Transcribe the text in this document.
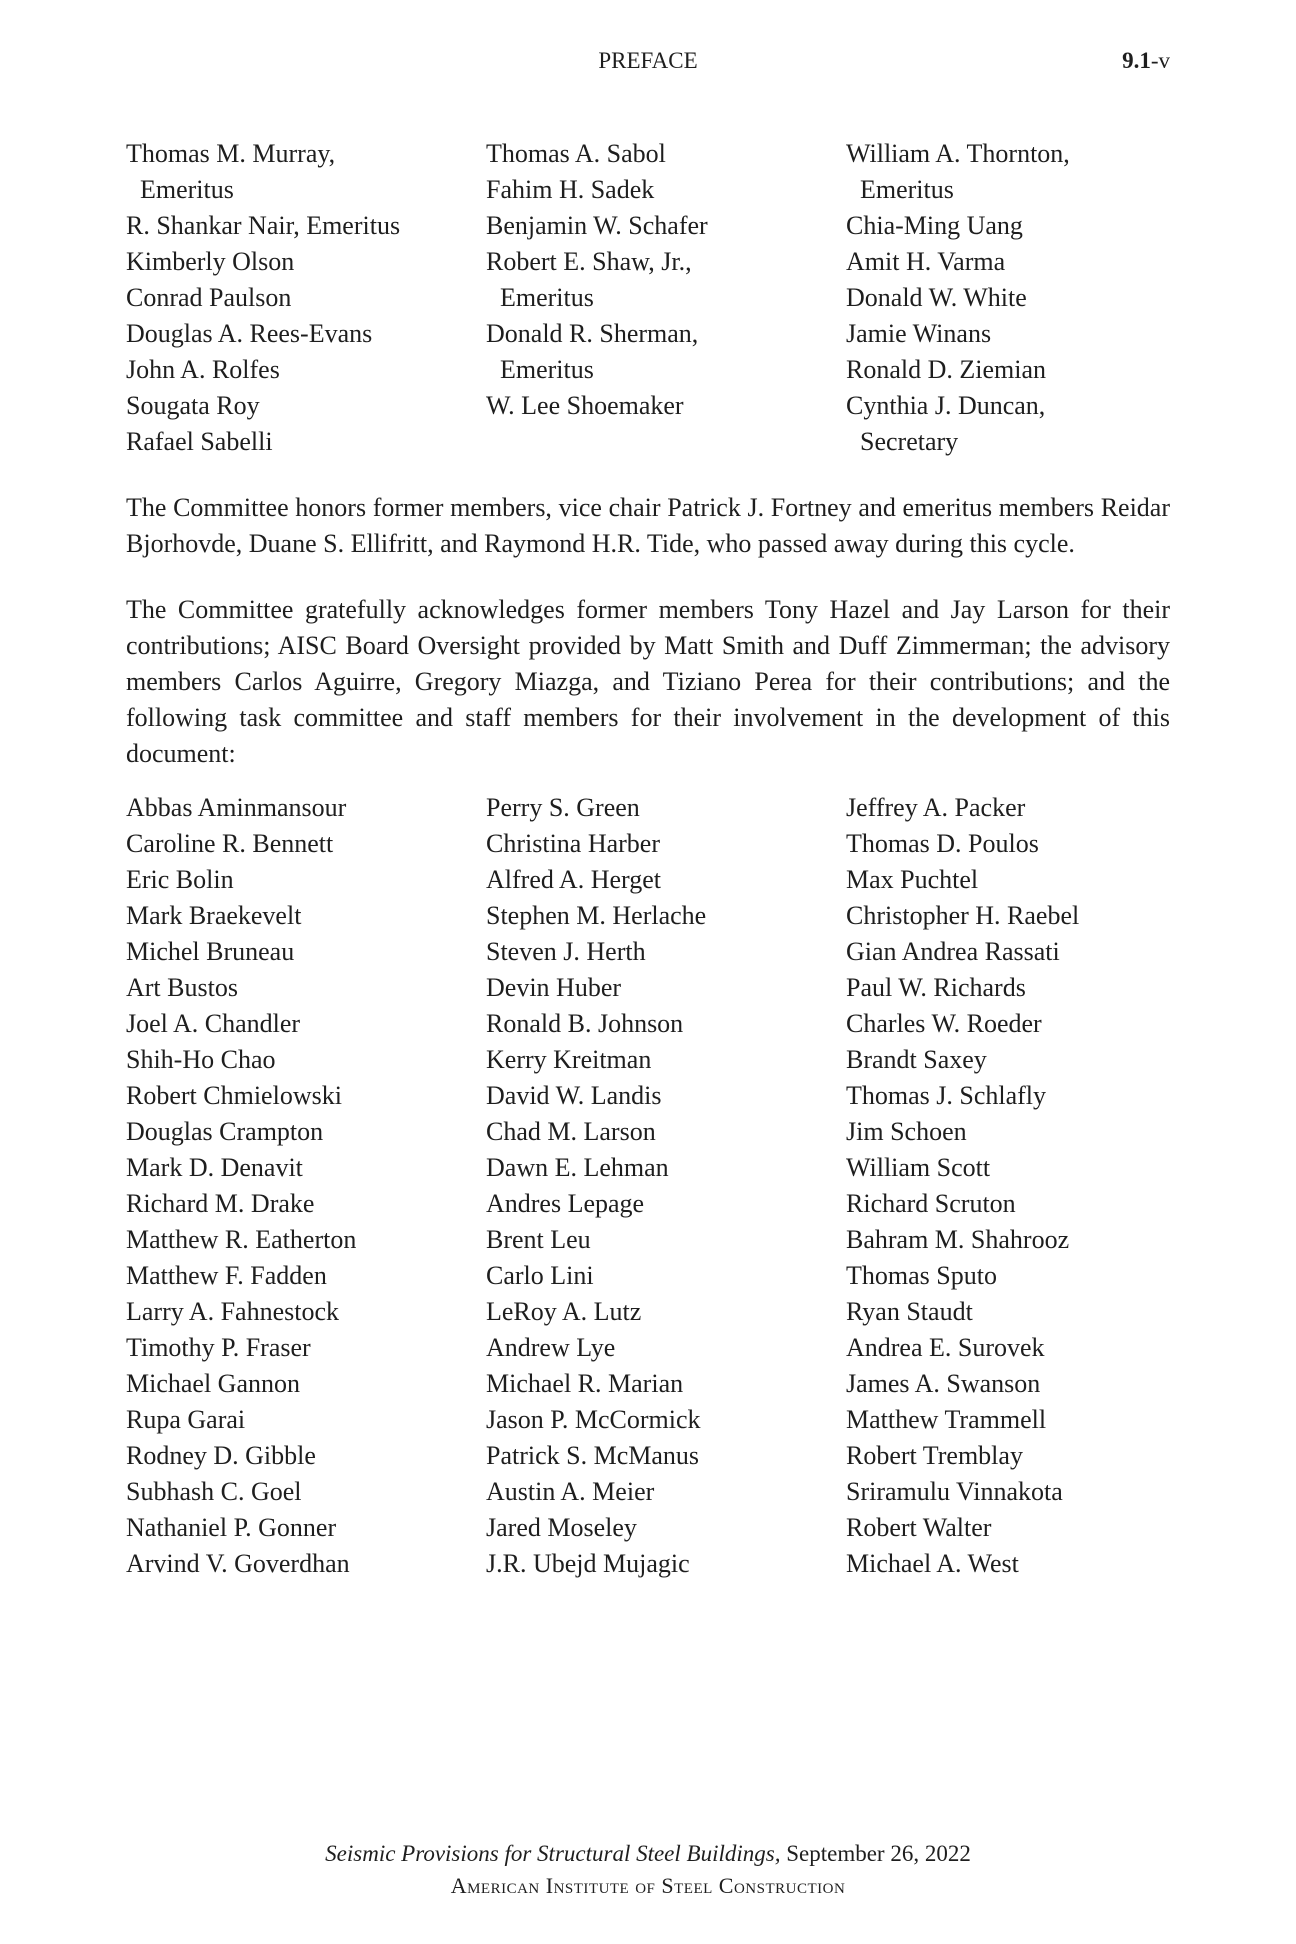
PREFACE	9.1-v
Thomas M. Murray,
Emeritus
R. Shankar Nair, Emeritus
Kimberly Olson
Conrad Paulson
Douglas A. Rees-Evans
John A. Rolfes
Sougata Roy
Rafael Sabelli
Thomas A. Sabol
Fahim H. Sadek
Benjamin W. Schafer
Robert E. Shaw, Jr.,
Emeritus
Donald R. Sherman,
Emeritus
W. Lee Shoemaker
William A. Thornton,
Emeritus
Chia-Ming Uang
Amit H. Varma
Donald W. White
Jamie Winans
Ronald D. Ziemian
Cynthia J. Duncan,
Secretary

The Committee honors former members, vice chair Patrick J. Fortney and emeritus members Reidar Bjorhovde, Duane S. Ellifritt, and Raymond H.R. Tide, who passed away during this cycle.

The Committee gratefully acknowledges former members Tony Hazel and Jay Larson for their contributions; AISC Board Oversight provided by Matt Smith and Duff Zimmerman; the advisory members Carlos Aguirre, Gregory Miazga, and Tiziano Perea for their contributions; and the following task committee and staff members for their involvement in the development of this document:

Abbas Aminmansour
Caroline R. Bennett
Eric Bolin
Mark Braekevelt
Michel Bruneau
Art Bustos
Joel A. Chandler
Shih-Ho Chao
Robert Chmielowski
Douglas Crampton
Mark D. Denavit
Richard M. Drake
Matthew R. Eatherton
Matthew F. Fadden
Larry A. Fahnestock
Timothy P. Fraser
Michael Gannon
Rupa Garai
Rodney D. Gibble
Subhash C. Goel
Nathaniel P. Gonner
Arvind V. Goverdhan
Perry S. Green
Christina Harber
Alfred A. Herget
Stephen M. Herlache
Steven J. Herth
Devin Huber
Ronald B. Johnson
Kerry Kreitman
David W. Landis
Chad M. Larson
Dawn E. Lehman
Andres Lepage
Brent Leu
Carlo Lini
LeRoy A. Lutz
Andrew Lye
Michael R. Marian
Jason P. McCormick
Patrick S. McManus
Austin A. Meier
Jared Moseley
J.R. Ubejd Mujagic
Jeffrey A. Packer
Thomas D. Poulos
Max Puchtel
Christopher H. Raebel
Gian Andrea Rassati
Paul W. Richards
Charles W. Roeder
Brandt Saxey
Thomas J. Schlafly
Jim Schoen
William Scott
Richard Scruton
Bahram M. Shahrooz
Thomas Sputo
Ryan Staudt
Andrea E. Surovek
James A. Swanson
Matthew Trammell
Robert Tremblay
Sriramulu Vinnakota
Robert Walter
Michael A. West
Seismic Provisions for Structural Steel Buildings, September 26, 2022
American Institute of Steel Construction
